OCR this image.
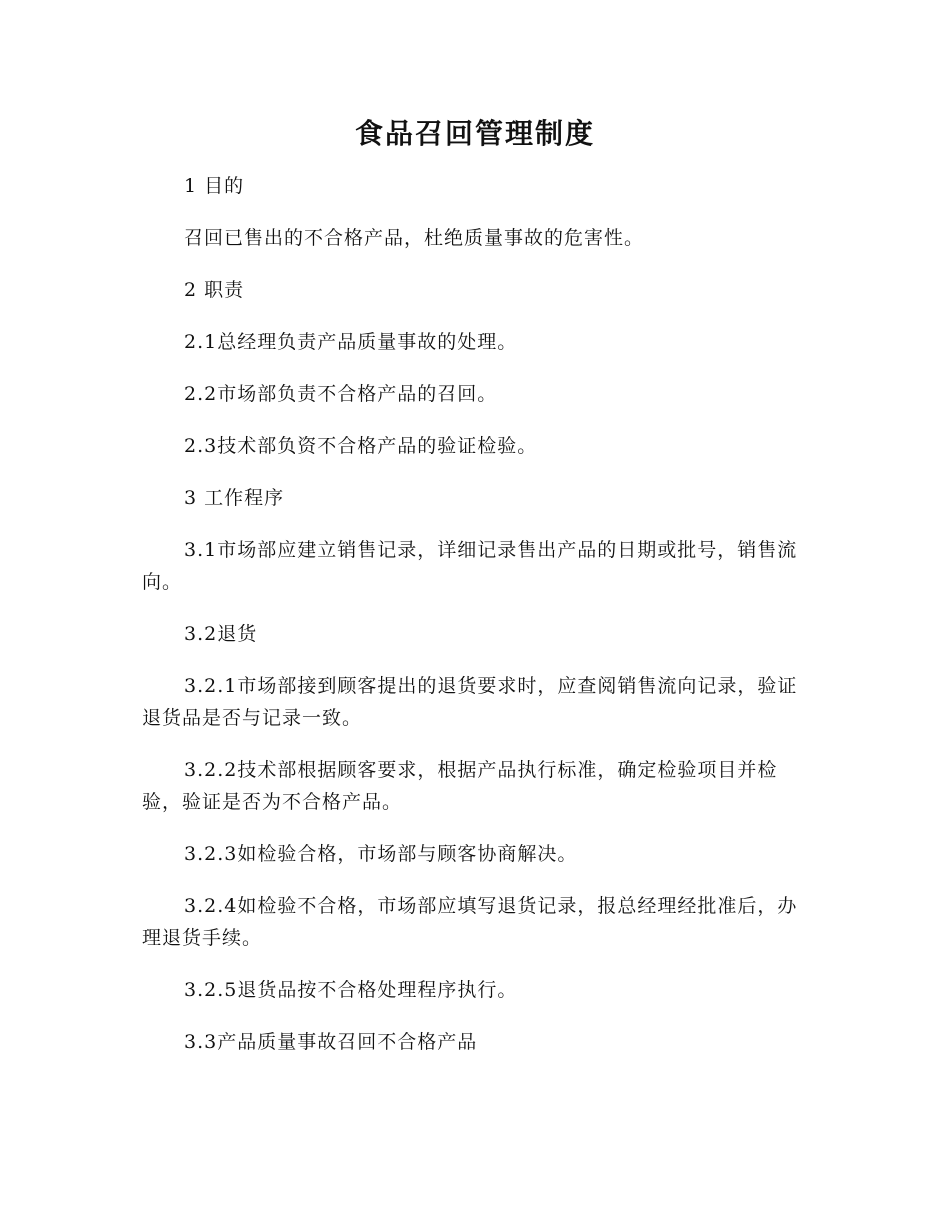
食品召回管理制度

1 目的

召回已售出的不合格产品，杜绝质量事故的危害性。

2 职责

2.1总经理负责产品质量事故的处理。

2.2市场部负责不合格产品的召回。

2.3技术部负资不合格产品的验证检验。

3 工作程序

3.1市场部应建立销售记录，详细记录售出产品的日期或批号，销售流向。

3.2退货

3.2.1市场部接到顾客提出的退货要求时，应查阅销售流向记录，验证退货品是否与记录一致。

3.2.2技术部根据顾客要求，根据产品执行标准，确定检验项目并检验，验证是否为不合格产品。

3.2.3如检验合格，市场部与顾客协商解决。

3.2.4如检验不合格，市场部应填写退货记录，报总经理经批准后，办理退货手续。

3.2.5退货品按不合格处理程序执行。

3.3产品质量事故召回不合格产品
